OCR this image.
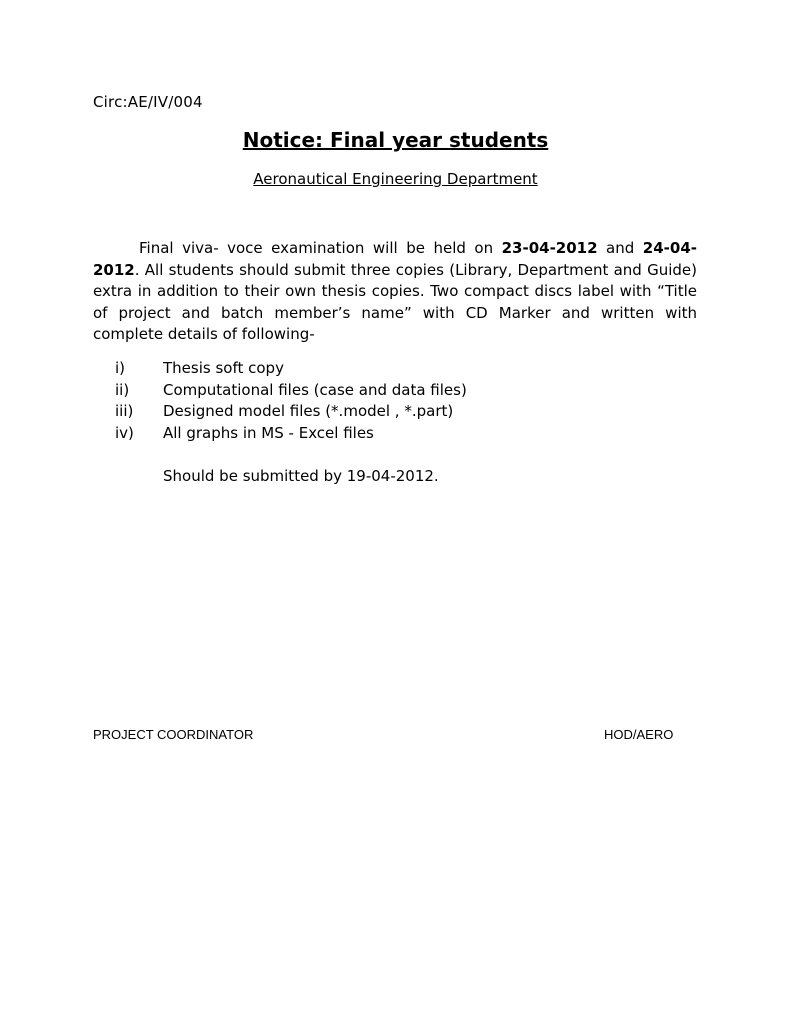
Circ:AE/IV/004
Notice: Final year students
Aeronautical Engineering Department

Final viva- voce examination will be held on 23-04-2012 and 24-04-2012. All students should submit three copies (Library, Department and Guide) extra in addition to their own thesis copies. Two compact discs label with “Title of project and batch member’s name” with CD Marker and written with complete details of following-

i)	Thesis soft copy
ii) Computational files (case and data files)
iii) Designed model files (*.model , *.part)
iv) All graphs in MS - Excel files
Should be submitted by 19-04-2012.
PROJECT COORDINATOR	HOD/AERO
